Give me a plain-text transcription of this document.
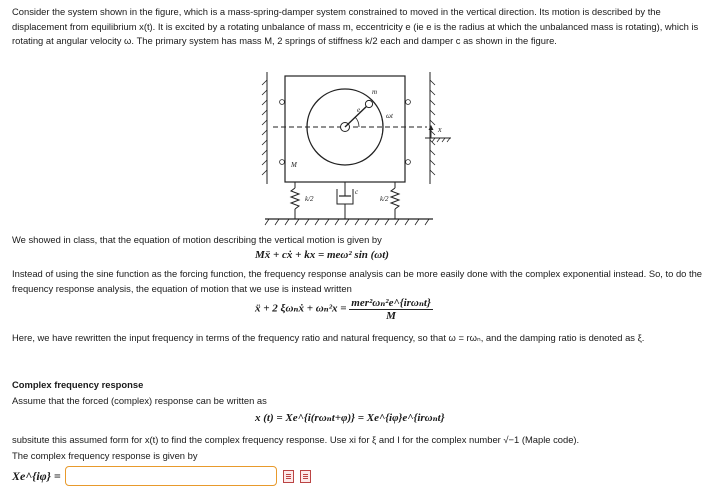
Consider the system shown in the figure, which is a mass-spring-damper system constrained to moved in the vertical direction. Its motion is described by the displacement from equilibrium x(t). It is excited by a rotating unbalance of mass m, eccentricity e (ie e is the radius at which the unbalanced mass is rotating), which is rotating at angular velocity ω. The primary system has mass M, 2 springs of stiffness k/2 each and damper c as shown in the figure.
m
ωt
e
M
x
k/2	k/2
c
We showed in class, that the equation of motion describing the vertical motion is given by
Mẍ + cẋ + kx = meω² sin (ωt)
Instead of using the sine function as the forcing function, the frequency response analysis can be more easily done with the complex exponential instead. So, to do the frequency response analysis, the equation of motion that we use is instead written
ẍ + 2 ξωₙẋ + $\omega_n^2x = \frac{\text{mer²ωₙ²e\textasciicircum{}\{irωₙt\}}}{M}$
Here, we have rewritten the input frequency in terms of the frequency ratio and natural frequency, so that ω = rωₙ, and the damping ratio is denoted as ξ.
Complex frequency response
Assume that the forced (complex) response can be written as
x (t) = Xe^{i(rωₙt+φ)} = Xe^{iφ}e^{irωₙt}
subsitute this assumed form for x(t) to find the complex frequency response. Use xi for ξ and I for the complex number √−1 (Maple code).
The complex frequency response is given by
Xe^{iφ} =
